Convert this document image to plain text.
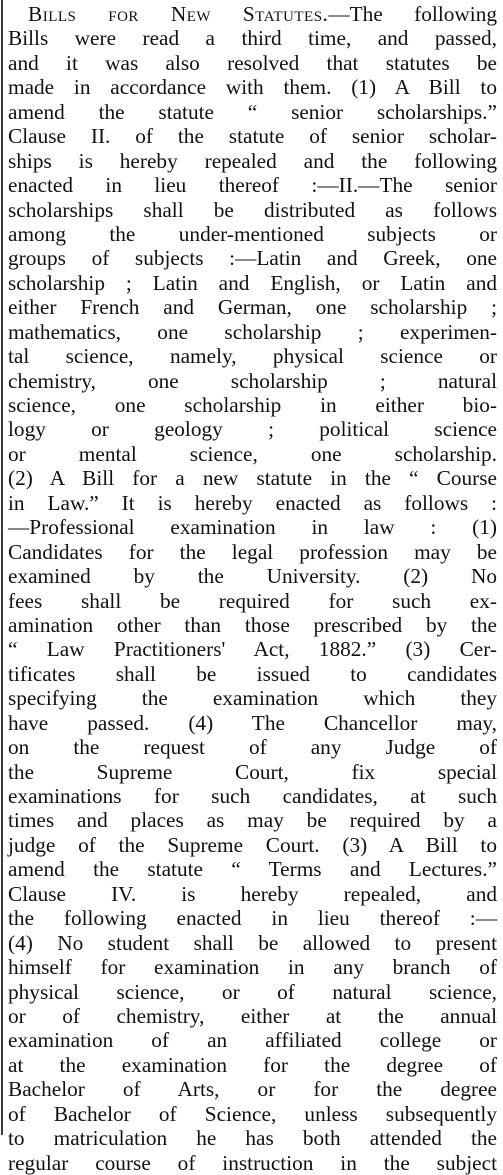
Bills for New Statutes.—The following
Bills were read a third time, and passed,
and it was also resolved that statutes be
made in accordance with them. (1) A Bill to
amend the statute “ senior scholarships.”
Clause II. of the statute of senior scholar-
ships is hereby repealed and the following
enacted in lieu thereof :—II.—The senior
scholarships shall be distributed as follows
among the under-mentioned subjects or
groups of subjects :—Latin and Greek, one
scholarship ; Latin and English, or Latin and
either French and German, one scholarship ;
mathematics, one scholarship ; experimen-
tal science, namely, physical science or
chemistry, one scholarship ; natural
science, one scholarship in either bio-
logy or geology ; political science
or mental science, one scholarship.
(2) A Bill for a new statute in the “ Course
in Law.” It is hereby enacted as follows :
—Professional examination in law : (1)
Candidates for the legal profession may be
examined by the University. (2) No
fees shall be required for such ex-
amination other than those prescribed by the
“ Law Practitioners' Act, 1882.” (3) Cer-
tificates shall be issued to candidates
specifying the examination which they
have passed. (4) The Chancellor may,
on the request of any Judge of
the Supreme Court, fix special
examinations for such candidates, at such
times and places as may be required by a
judge of the Supreme Court. (3) A Bill to
amend the statute “ Terms and Lectures.”
Clause IV. is hereby repealed, and
the following enacted in lieu thereof :—
(4) No student shall be allowed to present
himself for examination in any branch of
physical science, or of natural science,
or of chemistry, either at the annual
examination of an affiliated college or
at the examination for the degree of
Bachelor of Arts, or for the degree
of Bachelor of Science, unless subsequently
to matriculation he has both attended the
regular course of instruction in the subject
